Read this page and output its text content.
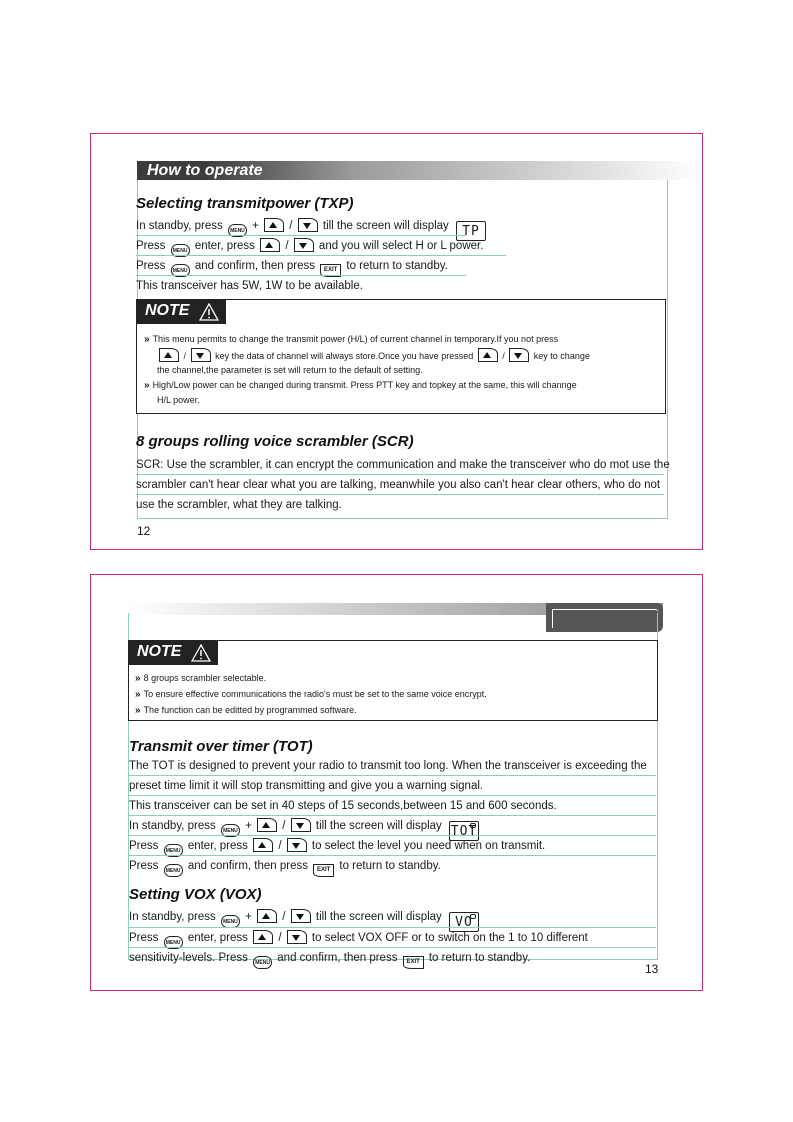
How to operate
Selecting transmitpower (TXP)
In standby, press MENU +	/	till the screen will display TP
Press MENU enter, press	/	and you will select H or L power.
Press MENU and confirm, then press EXIT to return to standby.
This transceiver has 5W, 1W to be available.
NOTE
» This menu permits to change the transmit power (H/L) of current channel in temporary.If you not press
/	key the data of channel will always store.Once you have pressed	/	key to change
the channel,the parameter is set will return to the default of setting.
» High/Low power can be changed during transmit. Press PTT key and topkey at the same, this will channge
H/L power.
8 groups rolling voice scrambler (SCR)
SCR: Use the scrambler, it can encrypt the communication and make the transceiver who do mot use the
scrambler can't hear clear what you are talking, meanwhile you also can't hear clear others, who do not
use the scrambler, what they are talking.
12
NOTE
» 8 groups scrambler selectable.
» To ensure effective communications the radio's must be set to the same voice encrypt.
» The function can be editted by programmed software.
Transmit over timer (TOT)
The TOT is designed to prevent your radio to transmit too long. When the transceiver is exceeding the
preset time limit it will stop transmitting and give you a warning signal.
This transceiver can be set in 40 steps of 15 seconds,between 15 and 600 seconds.
In standby, press MENU +	/	till the screen will display TOT
Press MENU enter, press	/	to select the level you need when on transmit.
Press MENU and confirm, then press EXIT to return to standby.
Setting VOX (VOX)
In standby, press MENU +	/	till the screen will display VO
Press MENU enter, press	/	to select VOX OFF or to switch on the 1 to 10 different
sensitivity-levels. Press MENU and confirm, then press EXIT to return to standby.
13
